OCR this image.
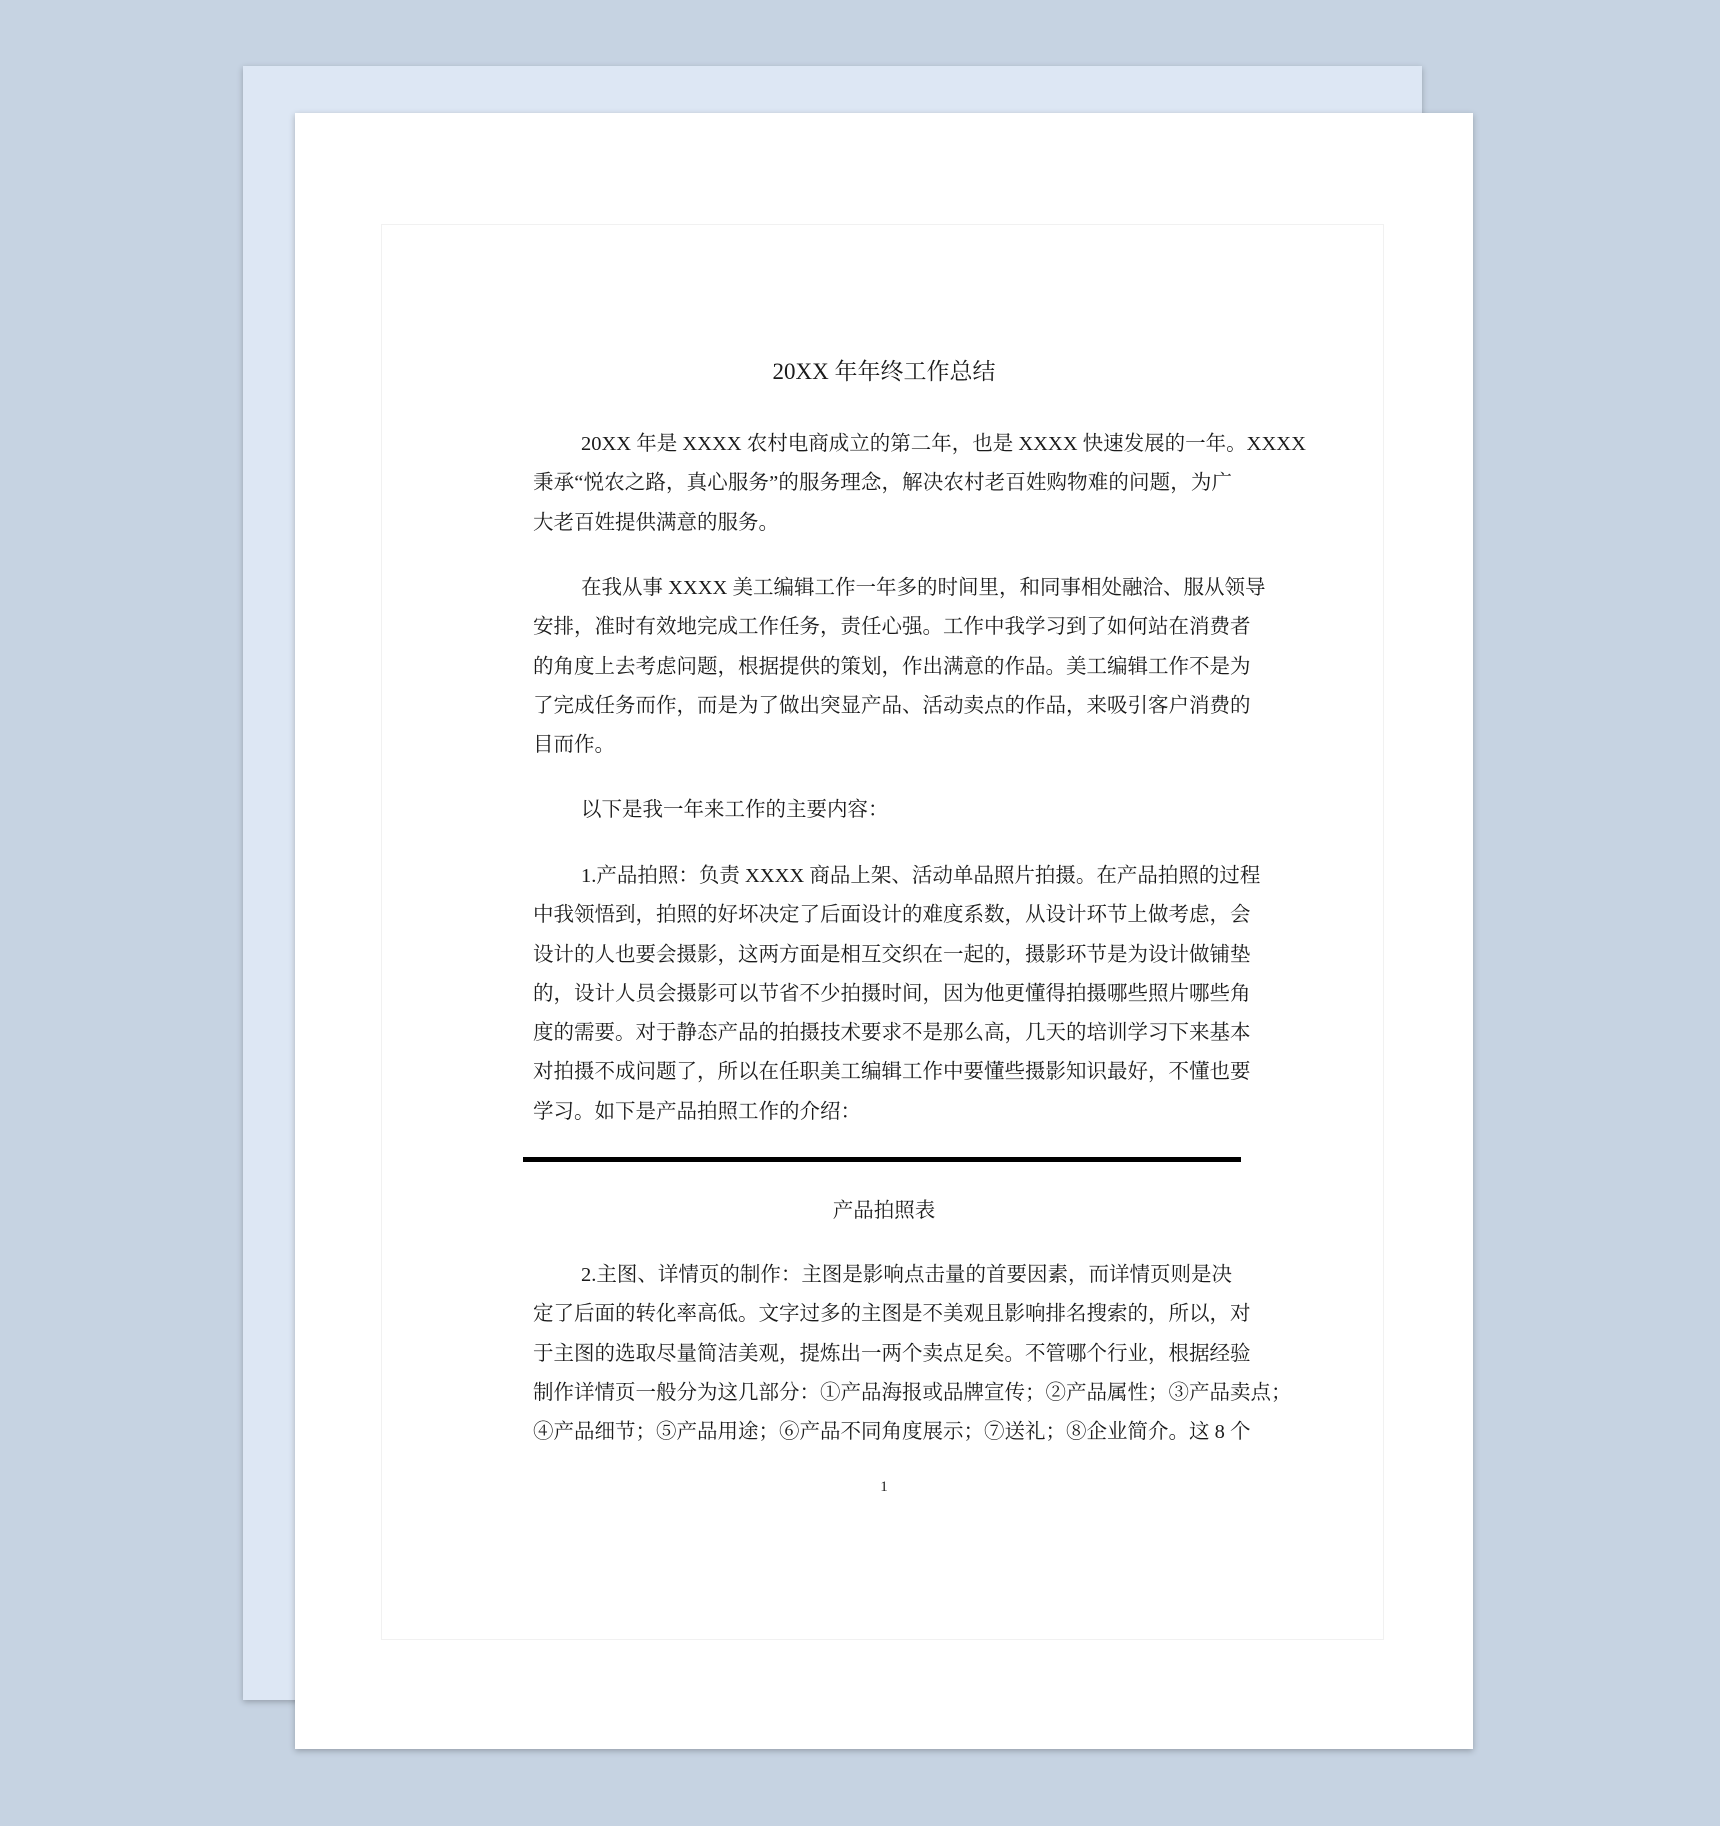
20XX 年年终工作总结
20XX 年是 XXXX 农村电商成立的第二年，也是 XXXX 快速发展的一年。XXXX
秉承“悦农之路，真心服务”的服务理念，解决农村老百姓购物难的问题，为广
大老百姓提供满意的服务。
在我从事 XXXX 美工编辑工作一年多的时间里，和同事相处融洽、服从领导
安排，准时有效地完成工作任务，责任心强。工作中我学习到了如何站在消费者
的角度上去考虑问题，根据提供的策划，作出满意的作品。美工编辑工作不是为
了完成任务而作，而是为了做出突显产品、活动卖点的作品，来吸引客户消费的
目而作。
以下是我一年来工作的主要内容：
1.产品拍照：负责 XXXX 商品上架、活动单品照片拍摄。在产品拍照的过程
中我领悟到，拍照的好坏决定了后面设计的难度系数，从设计环节上做考虑，会
设计的人也要会摄影，这两方面是相互交织在一起的，摄影环节是为设计做铺垫
的，设计人员会摄影可以节省不少拍摄时间，因为他更懂得拍摄哪些照片哪些角
度的需要。对于静态产品的拍摄技术要求不是那么高，几天的培训学习下来基本
对拍摄不成问题了，所以在任职美工编辑工作中要懂些摄影知识最好，不懂也要
学习。如下是产品拍照工作的介绍：
产品拍照表
2.主图、详情页的制作：主图是影响点击量的首要因素，而详情页则是决
定了后面的转化率高低。文字过多的主图是不美观且影响排名搜索的，所以，对
于主图的选取尽量简洁美观，提炼出一两个卖点足矣。不管哪个行业，根据经验
制作详情页一般分为这几部分：①产品海报或品牌宣传；②产品属性；③产品卖点；
④产品细节；⑤产品用途；⑥产品不同角度展示；⑦送礼；⑧企业简介。这 8 个
1
